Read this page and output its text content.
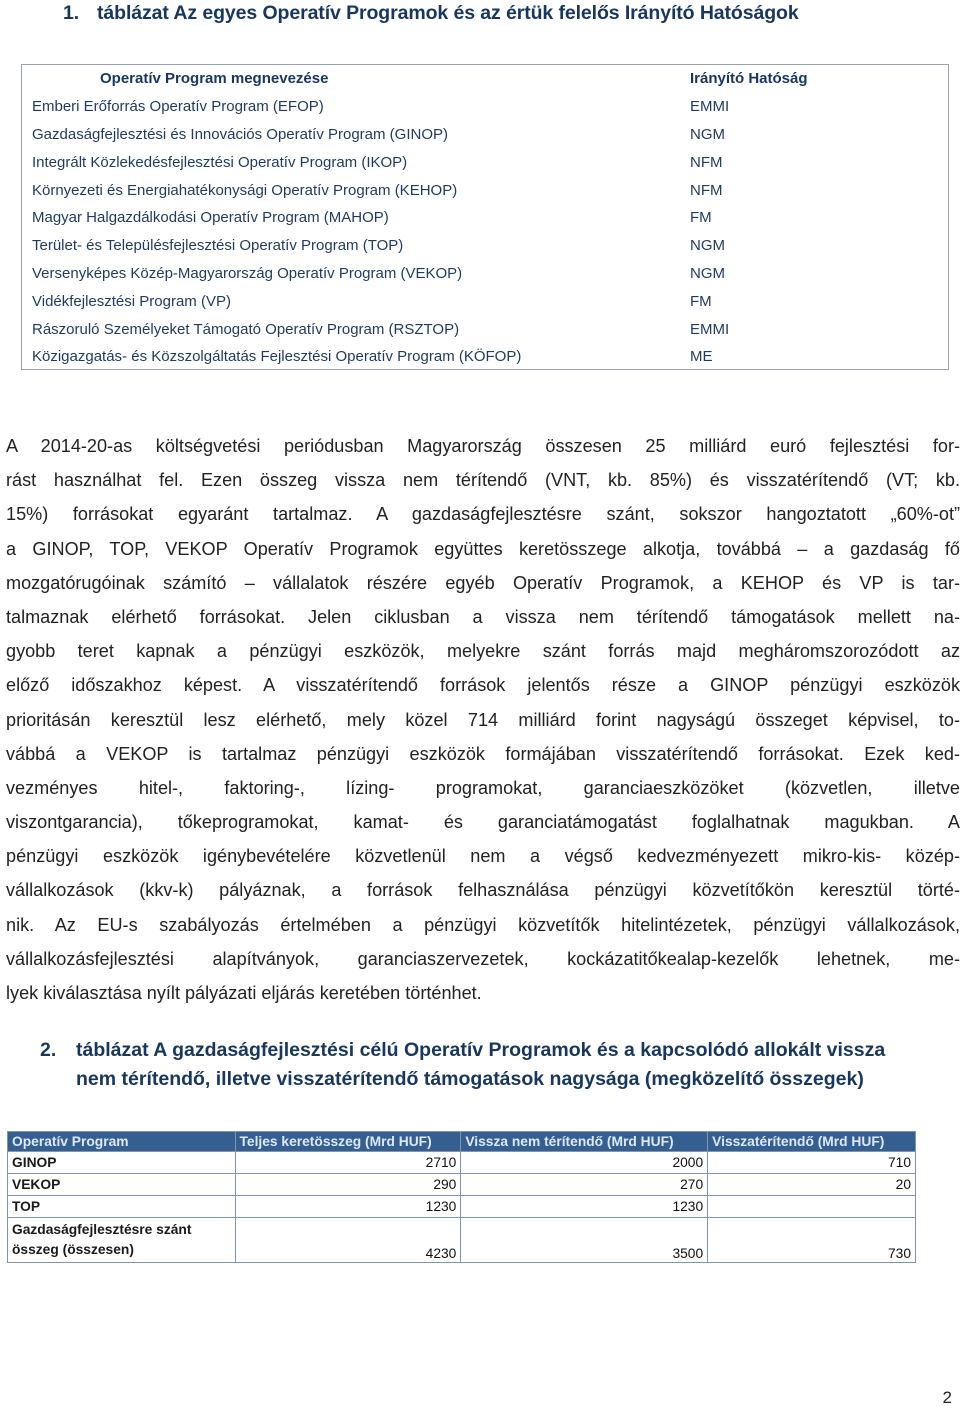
1. táblázat Az egyes Operatív Programok és az értük felelős Irányító Hatóságok
Operatív Program megnevezése	Irányító Hatóság
Emberi Erőforrás Operatív Program (EFOP)	EMMI
Gazdaságfejlesztési és Innovációs Operatív Program (GINOP)	NGM
Integrált Közlekedésfejlesztési Operatív Program (IKOP)	NFM
Környezeti és Energiahatékonysági Operatív Program (KEHOP)	NFM
Magyar Halgazdálkodási Operatív Program (MAHOP)	FM
Terület- és Településfejlesztési Operatív Program (TOP)	NGM
Versenyképes Közép-Magyarország Operatív Program (VEKOP)	NGM
Vidékfejlesztési Program (VP)	FM
Rászoruló Személyeket Támogató Operatív Program (RSZTOP)	EMMI
Közigazgatás- és Közszolgáltatás Fejlesztési Operatív Program (KÖFOP)	ME
A 2014-20-as költségvetési periódusban Magyarország összesen 25 milliárd euró fejlesztési for-
rást használhat fel. Ezen összeg vissza nem térítendő (VNT, kb. 85%) és visszatérítendő (VT; kb.
15%) forrásokat egyaránt tartalmaz. A gazdaságfejlesztésre szánt, sokszor hangoztatott „60%-ot”
a GINOP, TOP, VEKOP Operatív Programok együttes keretösszege alkotja, továbbá – a gazdaság fő
mozgatórugóinak számító – vállalatok részére egyéb Operatív Programok, a KEHOP és VP is tar-
talmaznak elérhető forrásokat. Jelen ciklusban a vissza nem térítendő támogatások mellett na-
gyobb teret kapnak a pénzügyi eszközök, melyekre szánt forrás majd megháromszorozódott az
előző időszakhoz képest. A visszatérítendő források jelentős része a GINOP pénzügyi eszközök
prioritásán keresztül lesz elérhető, mely közel 714 milliárd forint nagyságú összeget képvisel, to-
vábbá a VEKOP is tartalmaz pénzügyi eszközök formájában visszatérítendő forrásokat. Ezek ked-
vezményes hitel-, faktoring-, lízing- programokat, garanciaeszközöket (közvetlen, illetve
viszontgarancia), tőkeprogramokat, kamat- és garanciatámogatást foglalhatnak magukban. A
pénzügyi eszközök igénybevételére közvetlenül nem a végső kedvezményezett mikro-kis- közép-
vállalkozások (kkv-k) pályáznak, a források felhasználása pénzügyi közvetítőkön keresztül törté-
nik. Az EU-s szabályozás értelmében a pénzügyi közvetítők hitelintézetek, pénzügyi vállalkozások,
vállalkozásfejlesztési alapítványok, garanciaszervezetek, kockázatitőkealap-kezelők lehetnek, me-
lyek kiválasztása nyílt pályázati eljárás keretében történhet.
2. táblázat A gazdaságfejlesztési célú Operatív Programok és a kapcsolódó allokált vissza
nem térítendő, illetve visszatérítendő támogatások nagysága (megközelítő összegek)
Operatív Program	Teljes keretösszeg (Mrd HUF)	Vissza nem térítendő (Mrd HUF)	Visszatérítendő (Mrd HUF)
GINOP	2710	2000	710
VEKOP	290	270	20
TOP	1230	1230	
Gazdaságfejlesztésre szánt
összeg (összesen)	4230	3500	730
2
